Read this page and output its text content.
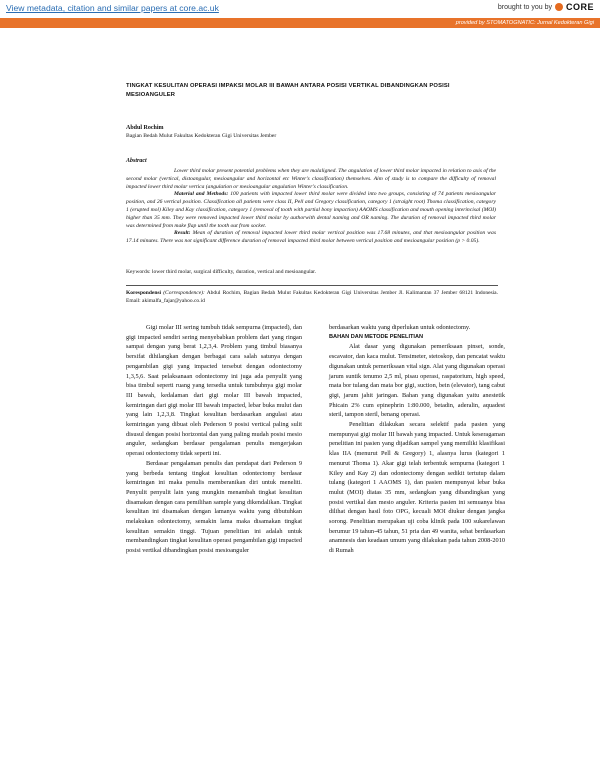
View metadata, citation and similar papers at core.ac.uk	brought to you by CORE
provided by STOMATOGNATIC: Jurnal Kedokteran Gigi
TINGKAT KESULITAN OPERASI IMPAKSI MOLAR III BAWAH ANTARA POSISI VERTIKAL DIBANDINGKAN POSISI MESIOANGULER
Abdul Rochim
Bagian Bedah Mulut Fakultas Kedokteran Gigi Universitas Jember
Abstract

Lower third molar present potential problems when they are malaligned. The angulation of lower third molar impacted in relation to axis of the second molar (vertical, distoangular, mesioangular and horizontal etc Winter's classification) themselves. Aim of study is to compare the difficulty of removal impacted lower third molar vertica (angulation or mesioangular angulation Winter's classification.

Material and Methods: 100 patients with impacted lower third molar were divided into two groups, consisting of 74 patients mesioangular position, and 26 vertical position. Classification all patients were class II, Pell and Gregory classification, category 1 (straight root) Thoma classification, category 1 (erupted mol) Kiley and Kay classification, category 1 (removal of tooth with partial bony impaction) AAOMS classification and mouth opening interincisal (MOI) higher than 35 mm. They were removed impacted lower third molar by authorwith dental naming and OR naming. The duration of removal impacted third molar was determined from make flap until the tooth out from socket.

Result: Mean of duration of removal impacted lower third molar vertical position was 17.68 minutes, and that mesioangular position was 17.14 minutes. There was not significant difference duration of removal impacted third molar between vertical position and mesioangular position (p > 0.05).

Keywords: lower third molar, surgical difficulty, duration, vertical and mesioangular.
Korespondensi (Correspondence): Abdul Rochim, Bagian Bedah Mulut Fakultas Kedokteran Gigi Universitas Jember Jl. Kalimantan 37 Jember 68121 Indonesia. Email: akimalfa_fajar@yahoo.co.id

Gigi molar III sering tumbuh tidak sempurna (impacted), dan gigi impacted sendiri sering menyebabkan problem dari yang ringan sampai dengan yang berat 1,2,3,4. Problem yang timbul biasanya bersifat dihilangkan dengan berbagai cara salah satunya dengan pengambilan gigi yang impacted tersebut dengan odontectomy 1,3,5,6. Saat pelaksanaan odontectomy ini juga ada penyulit yang bisa timbul seperti ruang yang tersedia untuk tumbuhnya gigi molar III bawah, kedalaman dari gigi molar III bawah impacted, kemiringan dari gigi molar III bawah impacted, lebar buka mulut dan yang lain 1,2,3,8. Tingkat kesulitan berdasarkan angulasi atau kemiringan yang dibuat oleh Pederson 9 posisi vertical paling sulit disusul dengan posisi horizontal dan yang paling mudah posisi mesio anguler, sedangkan berdasar pengalaman penulis mengerjakan operasi odontectomy tidak seperti ini.

Berdasar pengalaman penulis dan pendapat dari Pederson 9 yang berbeda tentang tingkat kesulitan odontectomy berdasar kemiringan ini maka penulis memberanikan diri untuk meneliti. Penyulit penyulit lain yang mungkin menambah tingkat kesulitan disamakan dengan cara pemilihan sample yang dikendalikan. Tingkat kesulitan ini disamakan dengan lamanya waktu yang dibutuhkan melakukan odontectomy, semakin lama maka disamakan tingkat kesulitan semakin tinggi. Tujuan penelitian ini adalah untuk membandingkan tingkat kesulitan operasi pengambilan gigi impacted posisi vertikal dibandingkan posisi mesioanguler

berdasarkan waktu yang diperlukan untuk odontectomy.

BAHAN DAN METODE PENELITIAN

Alat dasar yang digunakan pemeriksaan pinset, sonde, escavator, dan kaca mulut. Tensimeter, stetoskop, dan pencatat waktu digunakan untuk pemeriksaan vital sign. Alat yang digunakan operasi jarum suntik tenumo 2,5 ml, pisau operasi, raspatorium, high speed, mata bor tulang dan mata bor gigi, suction, bein (elevator), tang cabut gigi, jarum jahit jaringan. Bahan yang digunakan yaitu anestetik Phicain 2% cum epinephrin 1:80.000, betadin, aderalin, aquadest steril, tampon steril, benang operasi.

Penelitian dilakukan secara selektif pada pasien yang mempunyai gigi molar III bawah yang impacted. Untuk keseragaman penelitian ini pasien yang dijadikan sampel yang memiliki klasifikasi klas IIA (menurut Pell & Gregory) 1, alasnya lurus (kategori 1 menurut Thoma 1). Akar gigi telah terbentuk sempurna (kategori 1 Kiley and Kay 2) dan odontectomy dengan sedikit tertutup dalam tulang (kategori 1 AAOMS 1), dan pasien mempunyai lebar buka mulut (MOI) diatas 35 mm, sedangkan yang dibandingkan yang posisi vertikal dan mesio anguler. Kriteria pasien ini semuanya bisa dilihat dengan hasil foto OPG, kecuali MOI diukur dengan jangka sorong. Penelitian merupakan uji coba klinik pada 100 sukarelawan berumur 19 tahun-45 tahun, 51 pria dan 49 wanita, sehat berdasarkan anamnesis dan keadaan umum yang dilakukan pada tahun 2008-2010 di Rumah
